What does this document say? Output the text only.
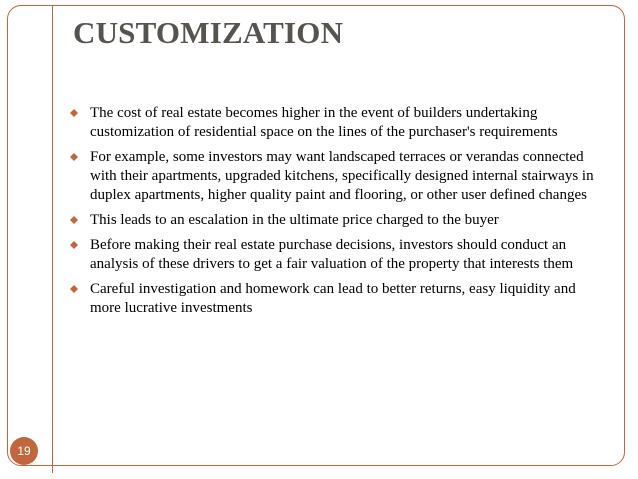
CUSTOMIZATION
The cost of real estate becomes higher in the event of builders undertaking customization of residential space on the lines of the purchaser's requirements
For example, some investors may want landscaped terraces or verandas connected with their apartments, upgraded kitchens, specifically designed internal stairways in duplex apartments, higher quality paint and flooring, or other user defined changes
This leads to an escalation in the ultimate price charged to the buyer
Before making their real estate purchase decisions, investors should conduct an analysis of these drivers to get a fair valuation of the property that interests them
Careful investigation and homework can lead to better returns, easy liquidity and more lucrative investments
19
